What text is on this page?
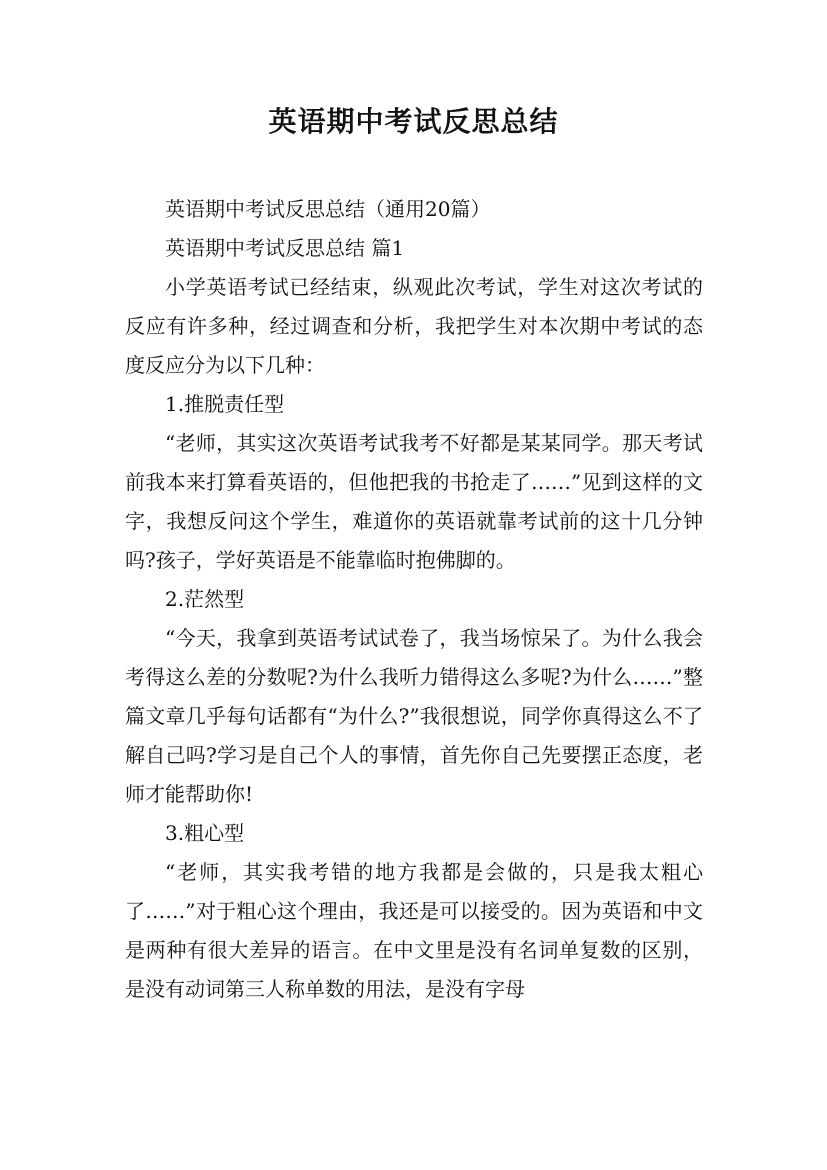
英语期中考试反思总结

英语期中考试反思总结（通用20篇）

英语期中考试反思总结 篇1

小学英语考试已经结束，纵观此次考试，学生对这次考试的反应有许多种，经过调查和分析，我把学生对本次期中考试的态度反应分为以下几种：

1.推脱责任型

“老师，其实这次英语考试我考不好都是某某同学。那天考试前我本来打算看英语的，但他把我的书抢走了……”见到这样的文字，我想反问这个学生，难道你的英语就靠考试前的这十几分钟吗?孩子，学好英语是不能靠临时抱佛脚的。

2.茫然型

“今天，我拿到英语考试试卷了，我当场惊呆了。为什么我会考得这么差的分数呢?为什么我听力错得这么多呢?为什么……”整篇文章几乎每句话都有“为什么?”我很想说，同学你真得这么不了解自己吗?学习是自己个人的事情，首先你自己先要摆正态度，老师才能帮助你!

3.粗心型

“老师，其实我考错的地方我都是会做的，只是我太粗心了……”对于粗心这个理由，我还是可以接受的。因为英语和中文是两种有很大差异的语言。在中文里是没有名词单复数的区别，是没有动词第三人称单数的用法，是没有字母
